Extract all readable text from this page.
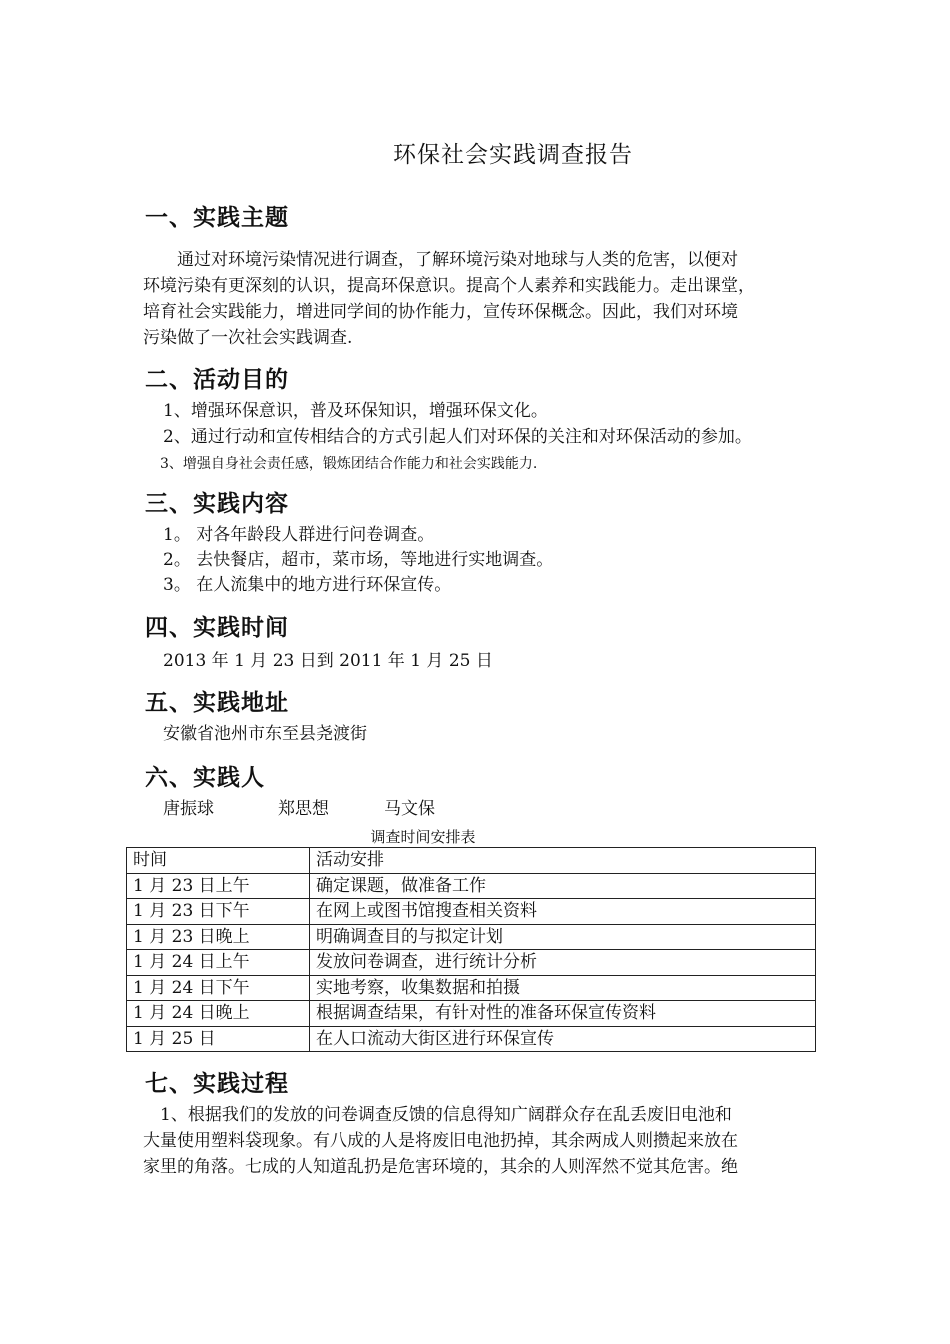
环保社会实践调查报告
一、实践主题
通过对环境污染情况进行调查，了解环境污染对地球与人类的危害，以便对
环境污染有更深刻的认识，提高环保意识。提高个人素养和实践能力。走出课堂，
培育社会实践能力，增进同学间的协作能力，宣传环保概念。因此，我们对环境
污染做了一次社会实践调查.
二、活动目的
1、增强环保意识，普及环保知识，增强环保文化。
2、通过行动和宣传相结合的方式引起人们对环保的关注和对环保活动的参加。
3、增强自身社会责任感，锻炼团结合作能力和社会实践能力.
三、实践内容
1。 对各年龄段人群进行问卷调查。
2。 去快餐店，超市，菜市场，等地进行实地调查。
3。 在人流集中的地方进行环保宣传。
四、实践时间
2013 年 1 月 23 日到 2011 年 1 月 25 日
五、实践地址
安徽省池州市东至县尧渡街
六、实践人
唐振球	郑思想	马文保
调查时间安排表
时间	活动安排
1 月 23 日上午	确定课题，做准备工作
1 月 23 日下午	在网上或图书馆搜查相关资料
1 月 23 日晚上	明确调查目的与拟定计划
1 月 24 日上午	发放问卷调查，进行统计分析
1 月 24 日下午	实地考察，收集数据和拍摄
1 月 24 日晚上	根据调查结果，有针对性的准备环保宣传资料
1 月 25 日	在人口流动大街区进行环保宣传
七、实践过程
1、根据我们的发放的问卷调查反馈的信息得知广阔群众存在乱丢废旧电池和
大量使用塑料袋现象。有八成的人是将废旧电池扔掉，其余两成人则攒起来放在
家里的角落。七成的人知道乱扔是危害环境的，其余的人则浑然不觉其危害。绝
